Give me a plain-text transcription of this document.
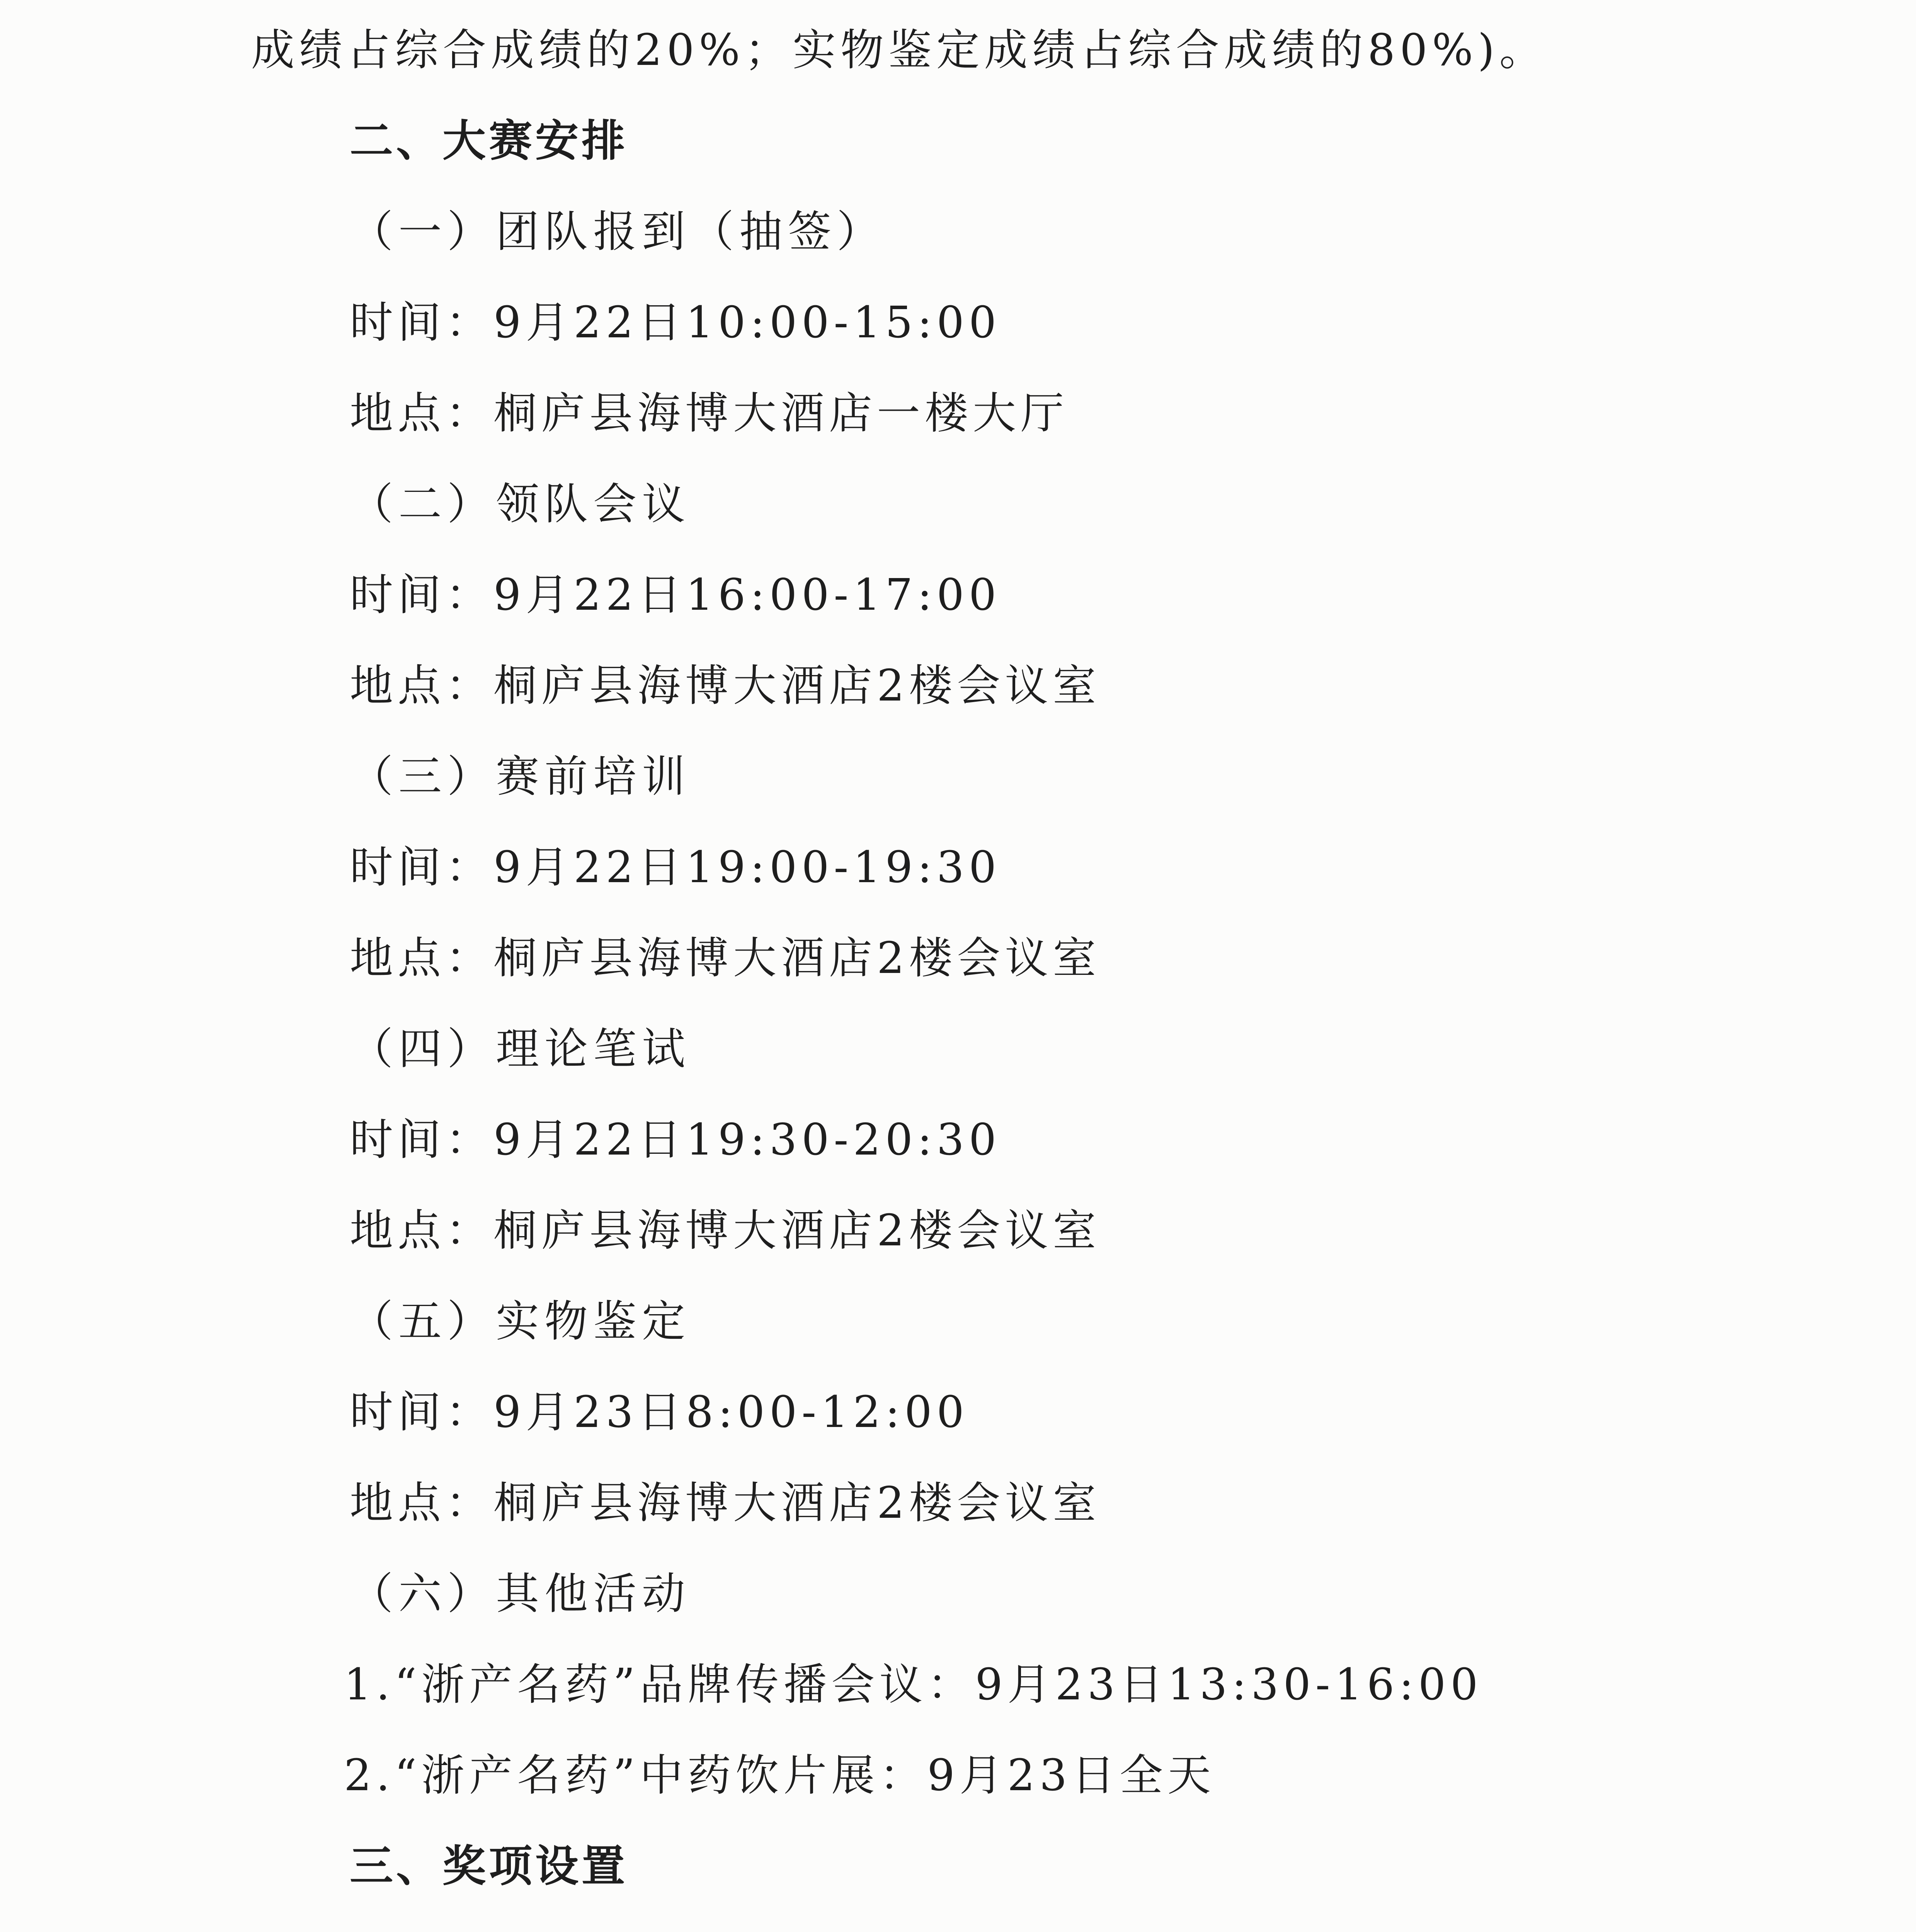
成绩占综合成绩的20%；实物鉴定成绩占综合成绩的80%)。
二、大赛安排
（一）团队报到（抽签）
时间：9月22日10:00-15:00
地点：桐庐县海博大酒店一楼大厅
（二）领队会议
时间：9月22日16:00-17:00
地点：桐庐县海博大酒店2楼会议室
（三）赛前培训
时间：9月22日19:00-19:30
地点：桐庐县海博大酒店2楼会议室
（四）理论笔试
时间：9月22日19:30-20:30
地点：桐庐县海博大酒店2楼会议室
（五）实物鉴定
时间：9月23日8:00-12:00
地点：桐庐县海博大酒店2楼会议室
（六）其他活动
1.“浙产名药”品牌传播会议：9月23日13:30-16:00
2.“浙产名药”中药饮片展：9月23日全天
三、奖项设置
